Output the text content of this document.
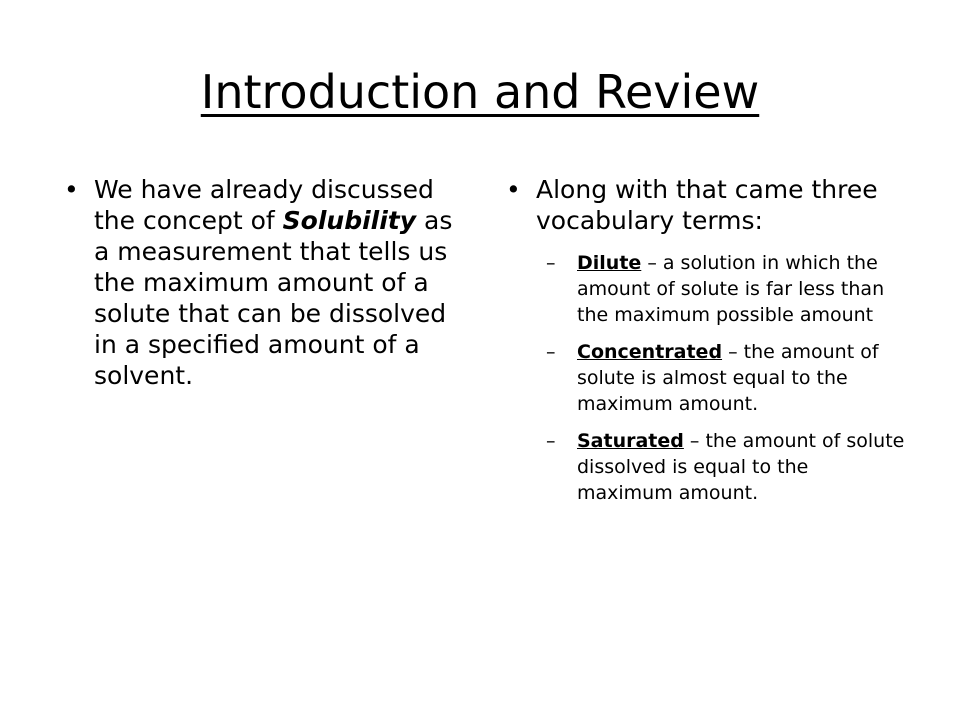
Introduction and Review
• We have already discussed the concept of Solubility as a measurement that tells us the maximum amount of a solute that can be dissolved in a specified amount of a solvent.
• Along with that came three vocabulary terms:
– Dilute – a solution in which the amount of solute is far less than the maximum possible amount
– Concentrated – the amount of solute is almost equal to the maximum amount.
– Saturated – the amount of solute dissolved is equal to the maximum amount.
